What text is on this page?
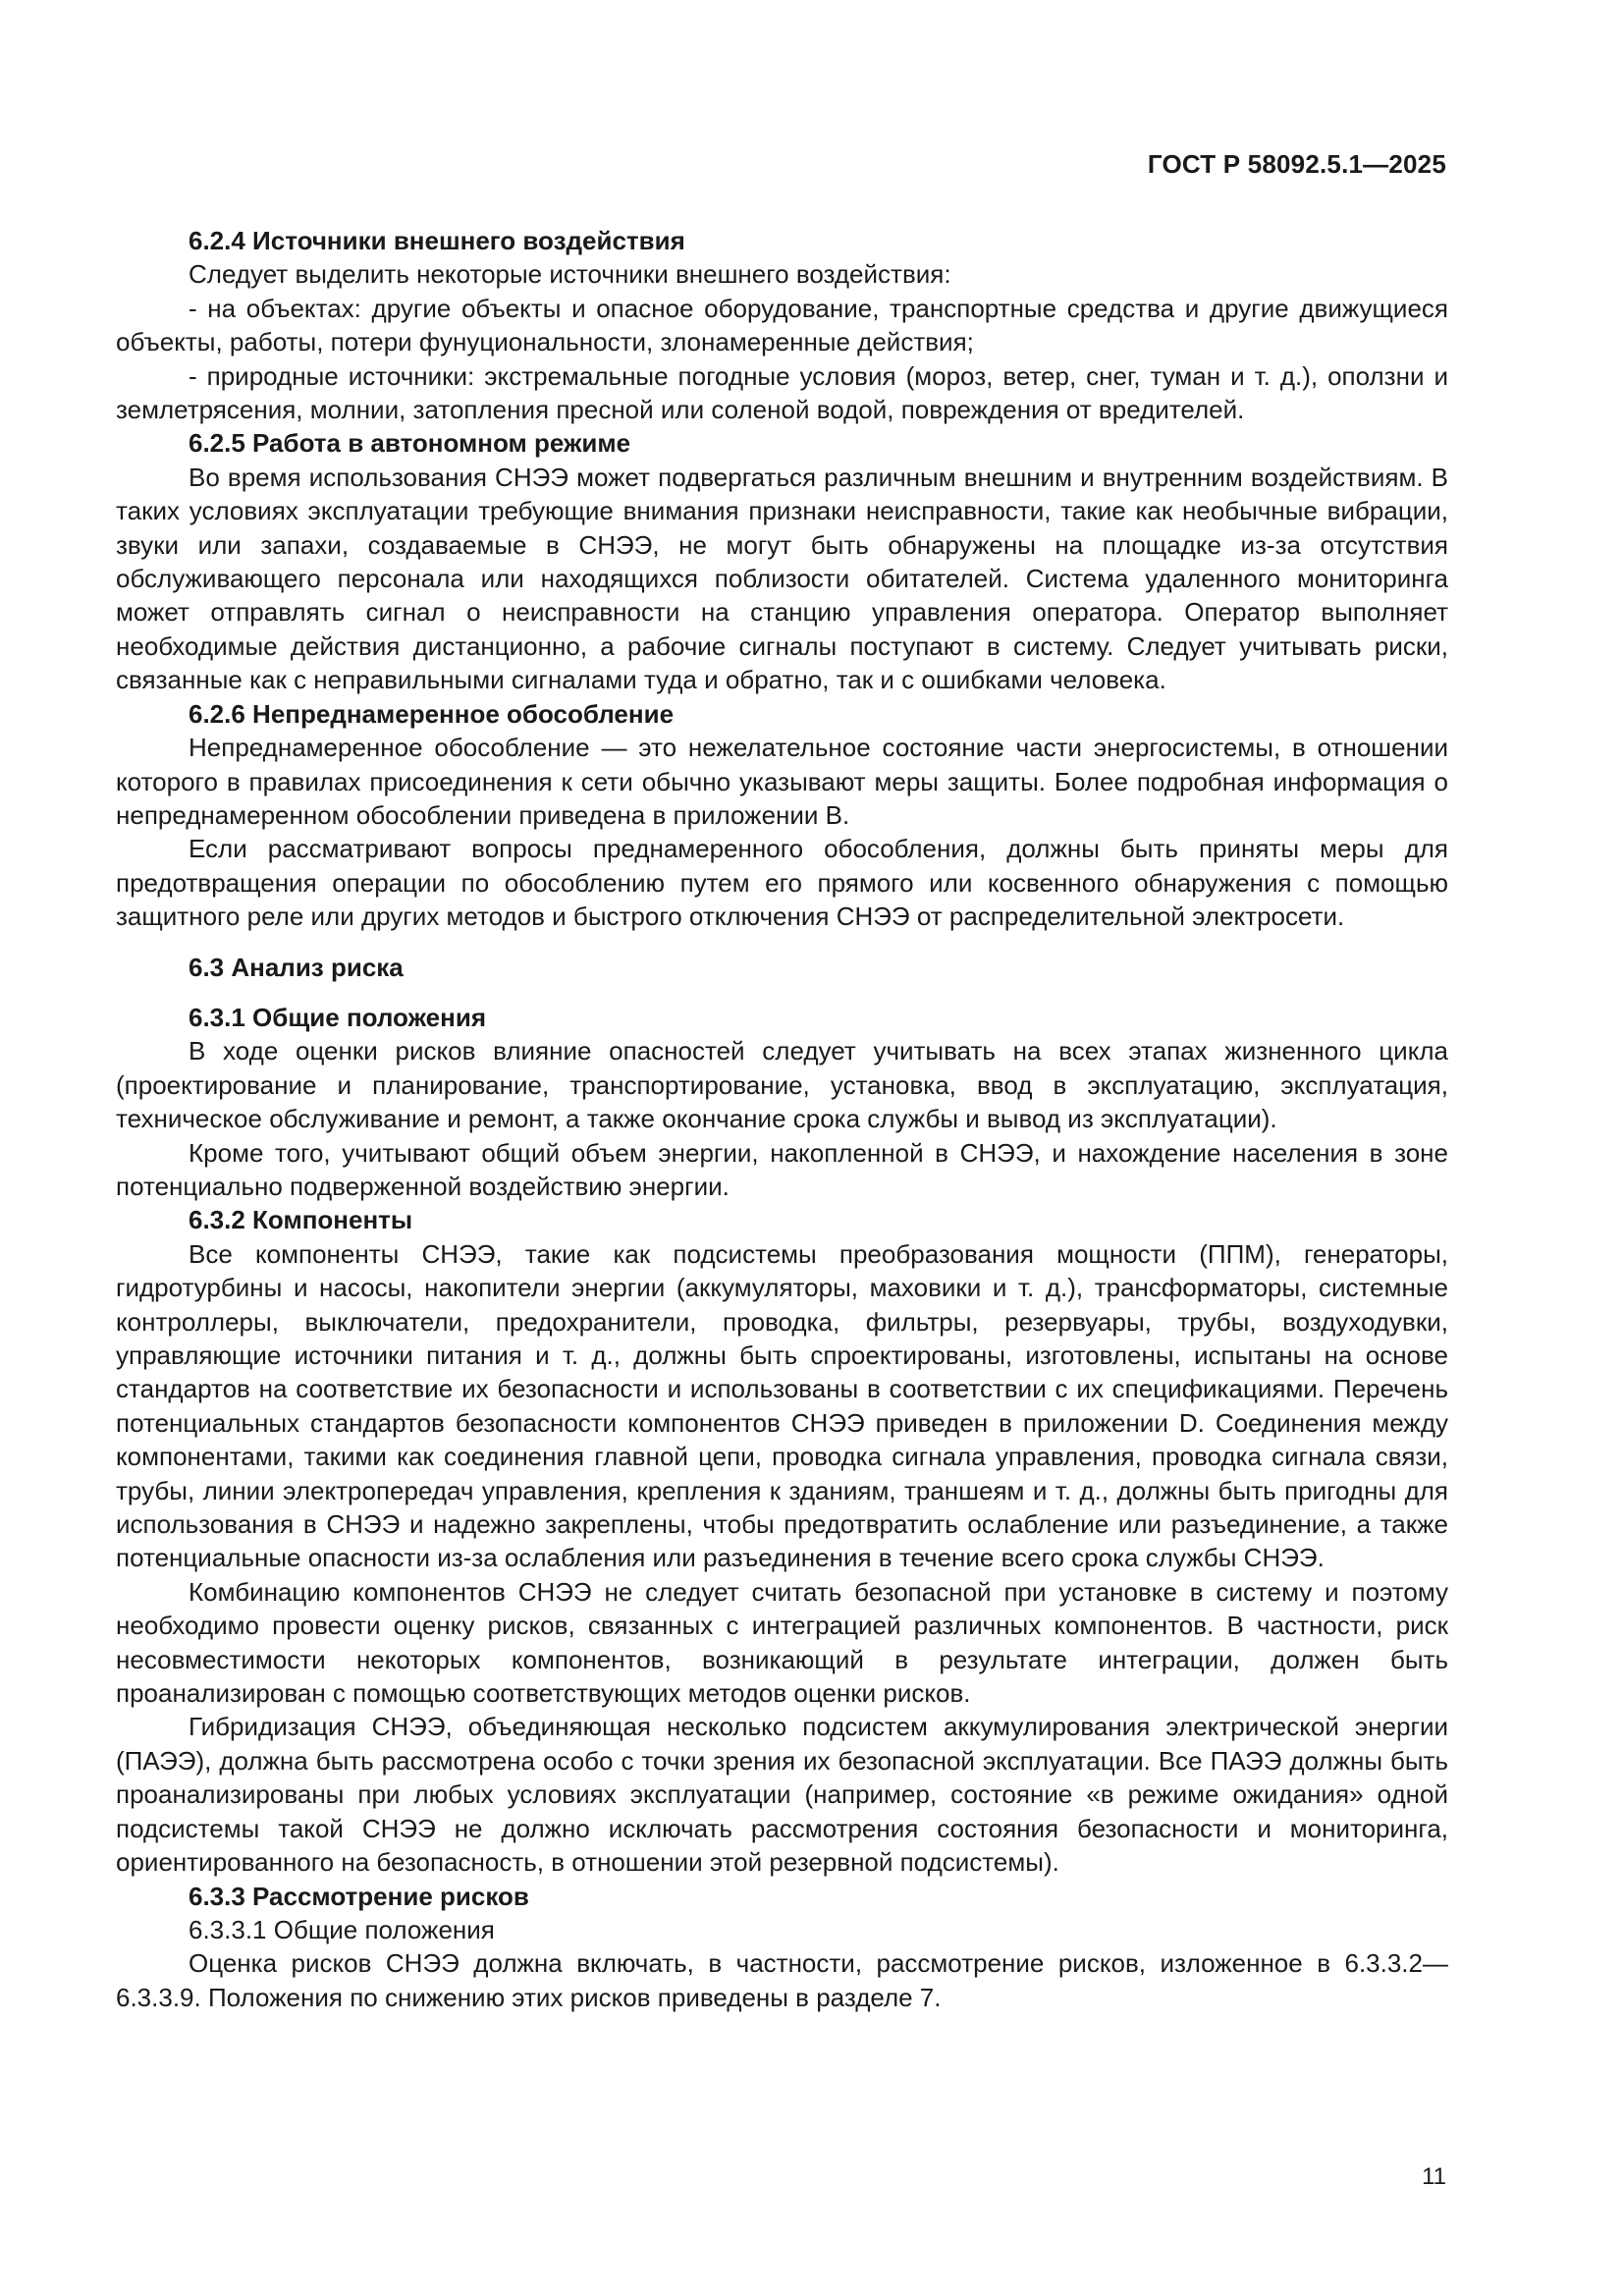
ГОСТ Р 58092.5.1—2025

6.2.4 Источники внешнего воздействия

Следует выделить некоторые источники внешнего воздействия:

- на объектах: другие объекты и опасное оборудование, транспортные средства и другие движущиеся объекты, работы, потери фунуциональности, злонамеренные действия;

- природные источники: экстремальные погодные условия (мороз, ветер, снег, туман и т. д.), оползни и землетрясения, молнии, затопления пресной или соленой водой, повреждения от вредителей.

6.2.5 Работа в автономном режиме

Во время использования СНЭЭ может подвергаться различным внешним и внутренним воздействиям. В таких условиях эксплуатации требующие внимания признаки неисправности, такие как необычные вибрации, звуки или запахи, создаваемые в СНЭЭ, не могут быть обнаружены на площадке из-за отсутствия обслуживающего персонала или находящихся поблизости обитателей. Система удаленного мониторинга может отправлять сигнал о неисправности на станцию управления оператора. Оператор выполняет необходимые действия дистанционно, а рабочие сигналы поступают в систему. Следует учитывать риски, связанные как с неправильными сигналами туда и обратно, так и с ошибками человека.

6.2.6 Непреднамеренное обособление

Непреднамеренное обособление — это нежелательное состояние части энергосистемы, в отношении которого в правилах присоединения к сети обычно указывают меры защиты. Более подробная информация о непреднамеренном обособлении приведена в приложении В.

Если рассматривают вопросы преднамеренного обособления, должны быть приняты меры для предотвращения операции по обособлению путем его прямого или косвенного обнаружения с помощью защитного реле или других методов и быстрого отключения СНЭЭ от распределительной электросети.

6.3 Анализ риска

6.3.1 Общие положения

В ходе оценки рисков влияние опасностей следует учитывать на всех этапах жизненного цикла (проектирование и планирование, транспортирование, установка, ввод в эксплуатацию, эксплуатация, техническое обслуживание и ремонт, а также окончание срока службы и вывод из эксплуатации).

Кроме того, учитывают общий объем энергии, накопленной в СНЭЭ, и нахождение населения в зоне потенциально подверженной воздействию энергии.

6.3.2 Компоненты

Все компоненты СНЭЭ, такие как подсистемы преобразования мощности (ППМ), генераторы, гидротурбины и насосы, накопители энергии (аккумуляторы, маховики и т. д.), трансформаторы, системные контроллеры, выключатели, предохранители, проводка, фильтры, резервуары, трубы, воздуходувки, управляющие источники питания и т. д., должны быть спроектированы, изготовлены, испытаны на основе стандартов на соответствие их безопасности и использованы в соответствии с их спецификациями. Перечень потенциальных стандартов безопасности компонентов СНЭЭ приведен в приложении D. Соединения между компонентами, такими как соединения главной цепи, проводка сигнала управления, проводка сигнала связи, трубы, линии электропередач управления, крепления к зданиям, траншеям и т. д., должны быть пригодны для использования в СНЭЭ и надежно закреплены, чтобы предотвратить ослабление или разъединение, а также потенциальные опасности из-за ослабления или разъединения в течение всего срока службы СНЭЭ.

Комбинацию компонентов СНЭЭ не следует считать безопасной при установке в систему и поэтому необходимо провести оценку рисков, связанных с интеграцией различных компонентов. В частности, риск несовместимости некоторых компонентов, возникающий в результате интеграции, должен быть проанализирован с помощью соответствующих методов оценки рисков.

Гибридизация СНЭЭ, объединяющая несколько подсистем аккумулирования электрической энергии (ПАЭЭ), должна быть рассмотрена особо с точки зрения их безопасной эксплуатации. Все ПАЭЭ должны быть проанализированы при любых условиях эксплуатации (например, состояние «в режиме ожидания» одной подсистемы такой СНЭЭ не должно исключать рассмотрения состояния безопасности и мониторинга, ориентированного на безопасность, в отношении этой резервной подсистемы).

6.3.3 Рассмотрение рисков

6.3.3.1 Общие положения

Оценка рисков СНЭЭ должна включать, в частности, рассмотрение рисков, изложенное в 6.3.3.2—6.3.3.9. Положения по снижению этих рисков приведены в разделе 7.

11
